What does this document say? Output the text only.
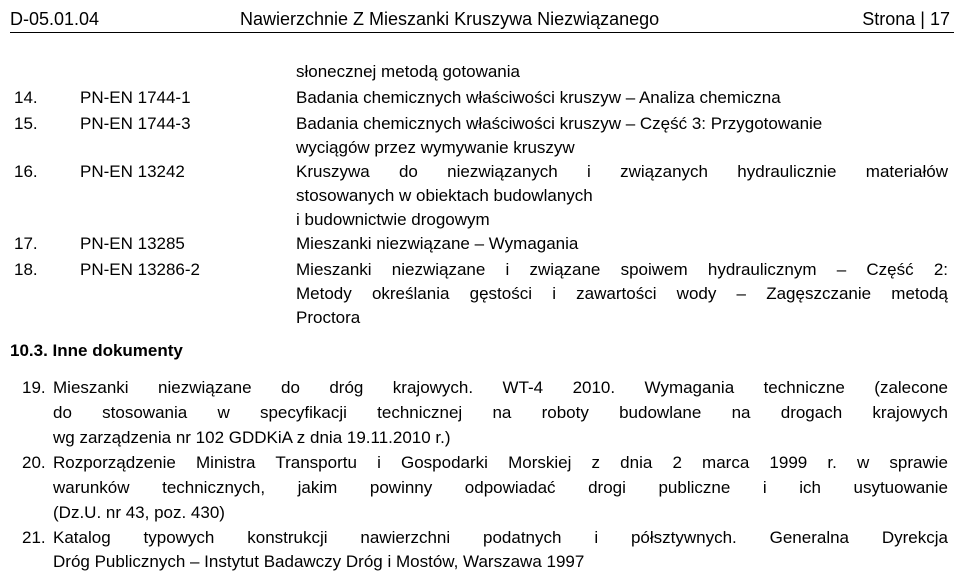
D-05.01.04	Nawierzchnie Z Mieszanki Kruszywa Niezwiązanego	Strona | 17
słonecznej metodą gotowania
14. PN-EN 1744-1	Badania chemicznych właściwości kruszyw – Analiza chemiczna
15. PN-EN 1744-3	Badania chemicznych właściwości kruszyw – Część 3: Przygotowanie
wyciągów przez wymywanie kruszyw
16. PN-EN 13242	Kruszywa do niezwiązanych i związanych hydraulicznie materiałów
stosowanych w obiektach budowlanych
i budownictwie drogowym
17. PN-EN 13285	Mieszanki niezwiązane – Wymagania
18. PN-EN 13286-2	Mieszanki niezwiązane i związane spoiwem hydraulicznym – Część 2:
Metody określania gęstości i zawartości wody – Zagęszczanie metodą
Proctora
10.3. Inne dokumenty
19. Mieszanki niezwiązane do dróg krajowych. WT-4 2010. Wymagania techniczne (zalecone
do stosowania w specyfikacji technicznej na roboty budowlane na drogach krajowych
wg zarządzenia nr 102 GDDKiA z dnia 19.11.2010 r.)
20. Rozporządzenie Ministra Transportu i Gospodarki Morskiej z dnia 2 marca 1999 r. w sprawie
warunków technicznych, jakim powinny odpowiadać drogi publiczne i ich usytuowanie
(Dz.U. nr 43, poz. 430)
21. Katalog typowych konstrukcji nawierzchni podatnych i półsztywnych. Generalna Dyrekcja
Dróg Publicznych – Instytut Badawczy Dróg i Mostów, Warszawa 1997
